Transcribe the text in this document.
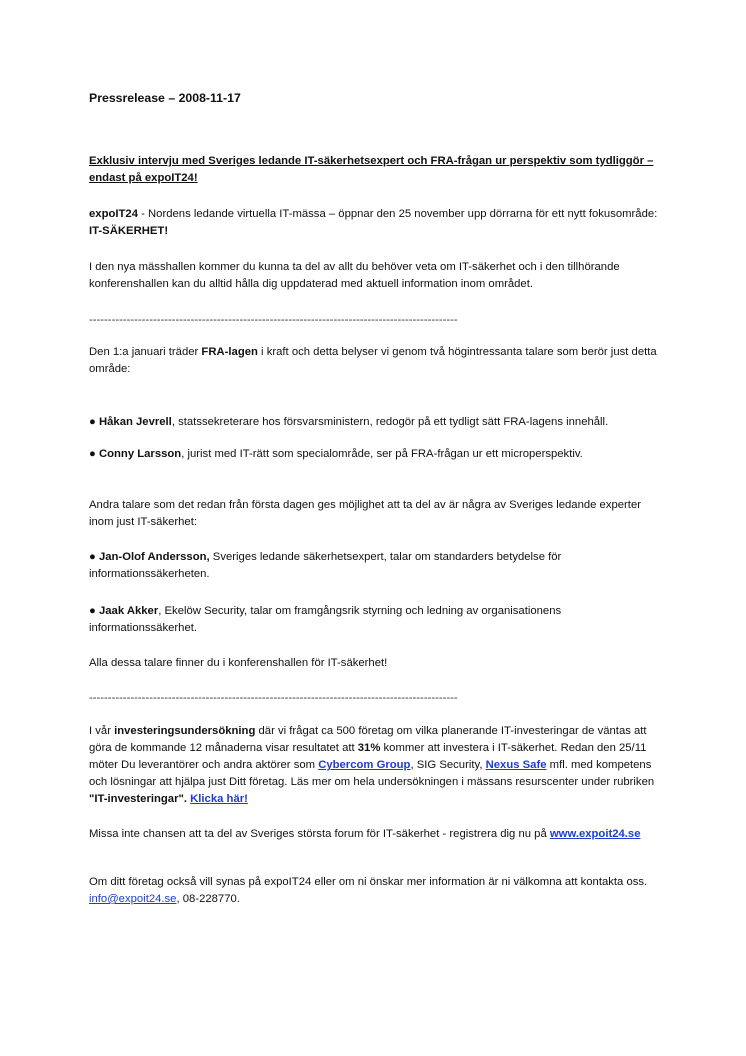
Pressrelease – 2008-11-17

Exklusiv intervju med Sveriges ledande IT-säkerhetsexpert och FRA-frågan ur perspektiv som tydliggör – endast på expoIT24!

expoIT24 - Nordens ledande virtuella IT-mässa – öppnar den 25 november upp dörrarna för ett nytt fokusområde: IT-SÄKERHET!

I den nya mässhallen kommer du kunna ta del av allt du behöver veta om IT-säkerhet och i den tillhörande konferenshallen kan du alltid hålla dig uppdaterad med aktuell information inom området.

--------------------------------------------------------------------------------------------------

Den 1:a januari träder FRA-lagen i kraft och detta belyser vi genom två högintressanta talare som berör just detta område:

● Håkan Jevrell, statssekreterare hos försvarsministern, redogör på ett tydligt sätt FRA-lagens innehåll.

● Conny Larsson, jurist med IT-rätt som specialområde, ser på FRA-frågan ur ett microperspektiv.

Andra talare som det redan från första dagen ges möjlighet att ta del av är några av Sveriges ledande experter inom just IT-säkerhet:

● Jan-Olof Andersson, Sveriges ledande säkerhetsexpert, talar om standarders betydelse för informationssäkerheten.

● Jaak Akker, Ekelöw Security, talar om framgångsrik styrning och ledning av organisationens informationssäkerhet.

Alla dessa talare finner du i konferenshallen för IT-säkerhet!

--------------------------------------------------------------------------------------------------

I vår investeringsundersökning där vi frågat ca 500 företag om vilka planerande IT-investeringar de väntas att göra de kommande 12 månaderna visar resultatet att 31% kommer att investera i IT-säkerhet. Redan den 25/11 möter Du leverantörer och andra aktörer som Cybercom Group, SIG Security, Nexus Safe mfl. med kompetens och lösningar att hjälpa just Ditt företag. Läs mer om hela undersökningen i mässans resurscenter under rubriken "IT-investeringar". Klicka här!

Missa inte chansen att ta del av Sveriges största forum för IT-säkerhet - registrera dig nu på www.expoit24.se

Om ditt företag också vill synas på expoIT24 eller om ni önskar mer information är ni välkomna att kontakta oss. info@expoit24.se, 08-228770.
